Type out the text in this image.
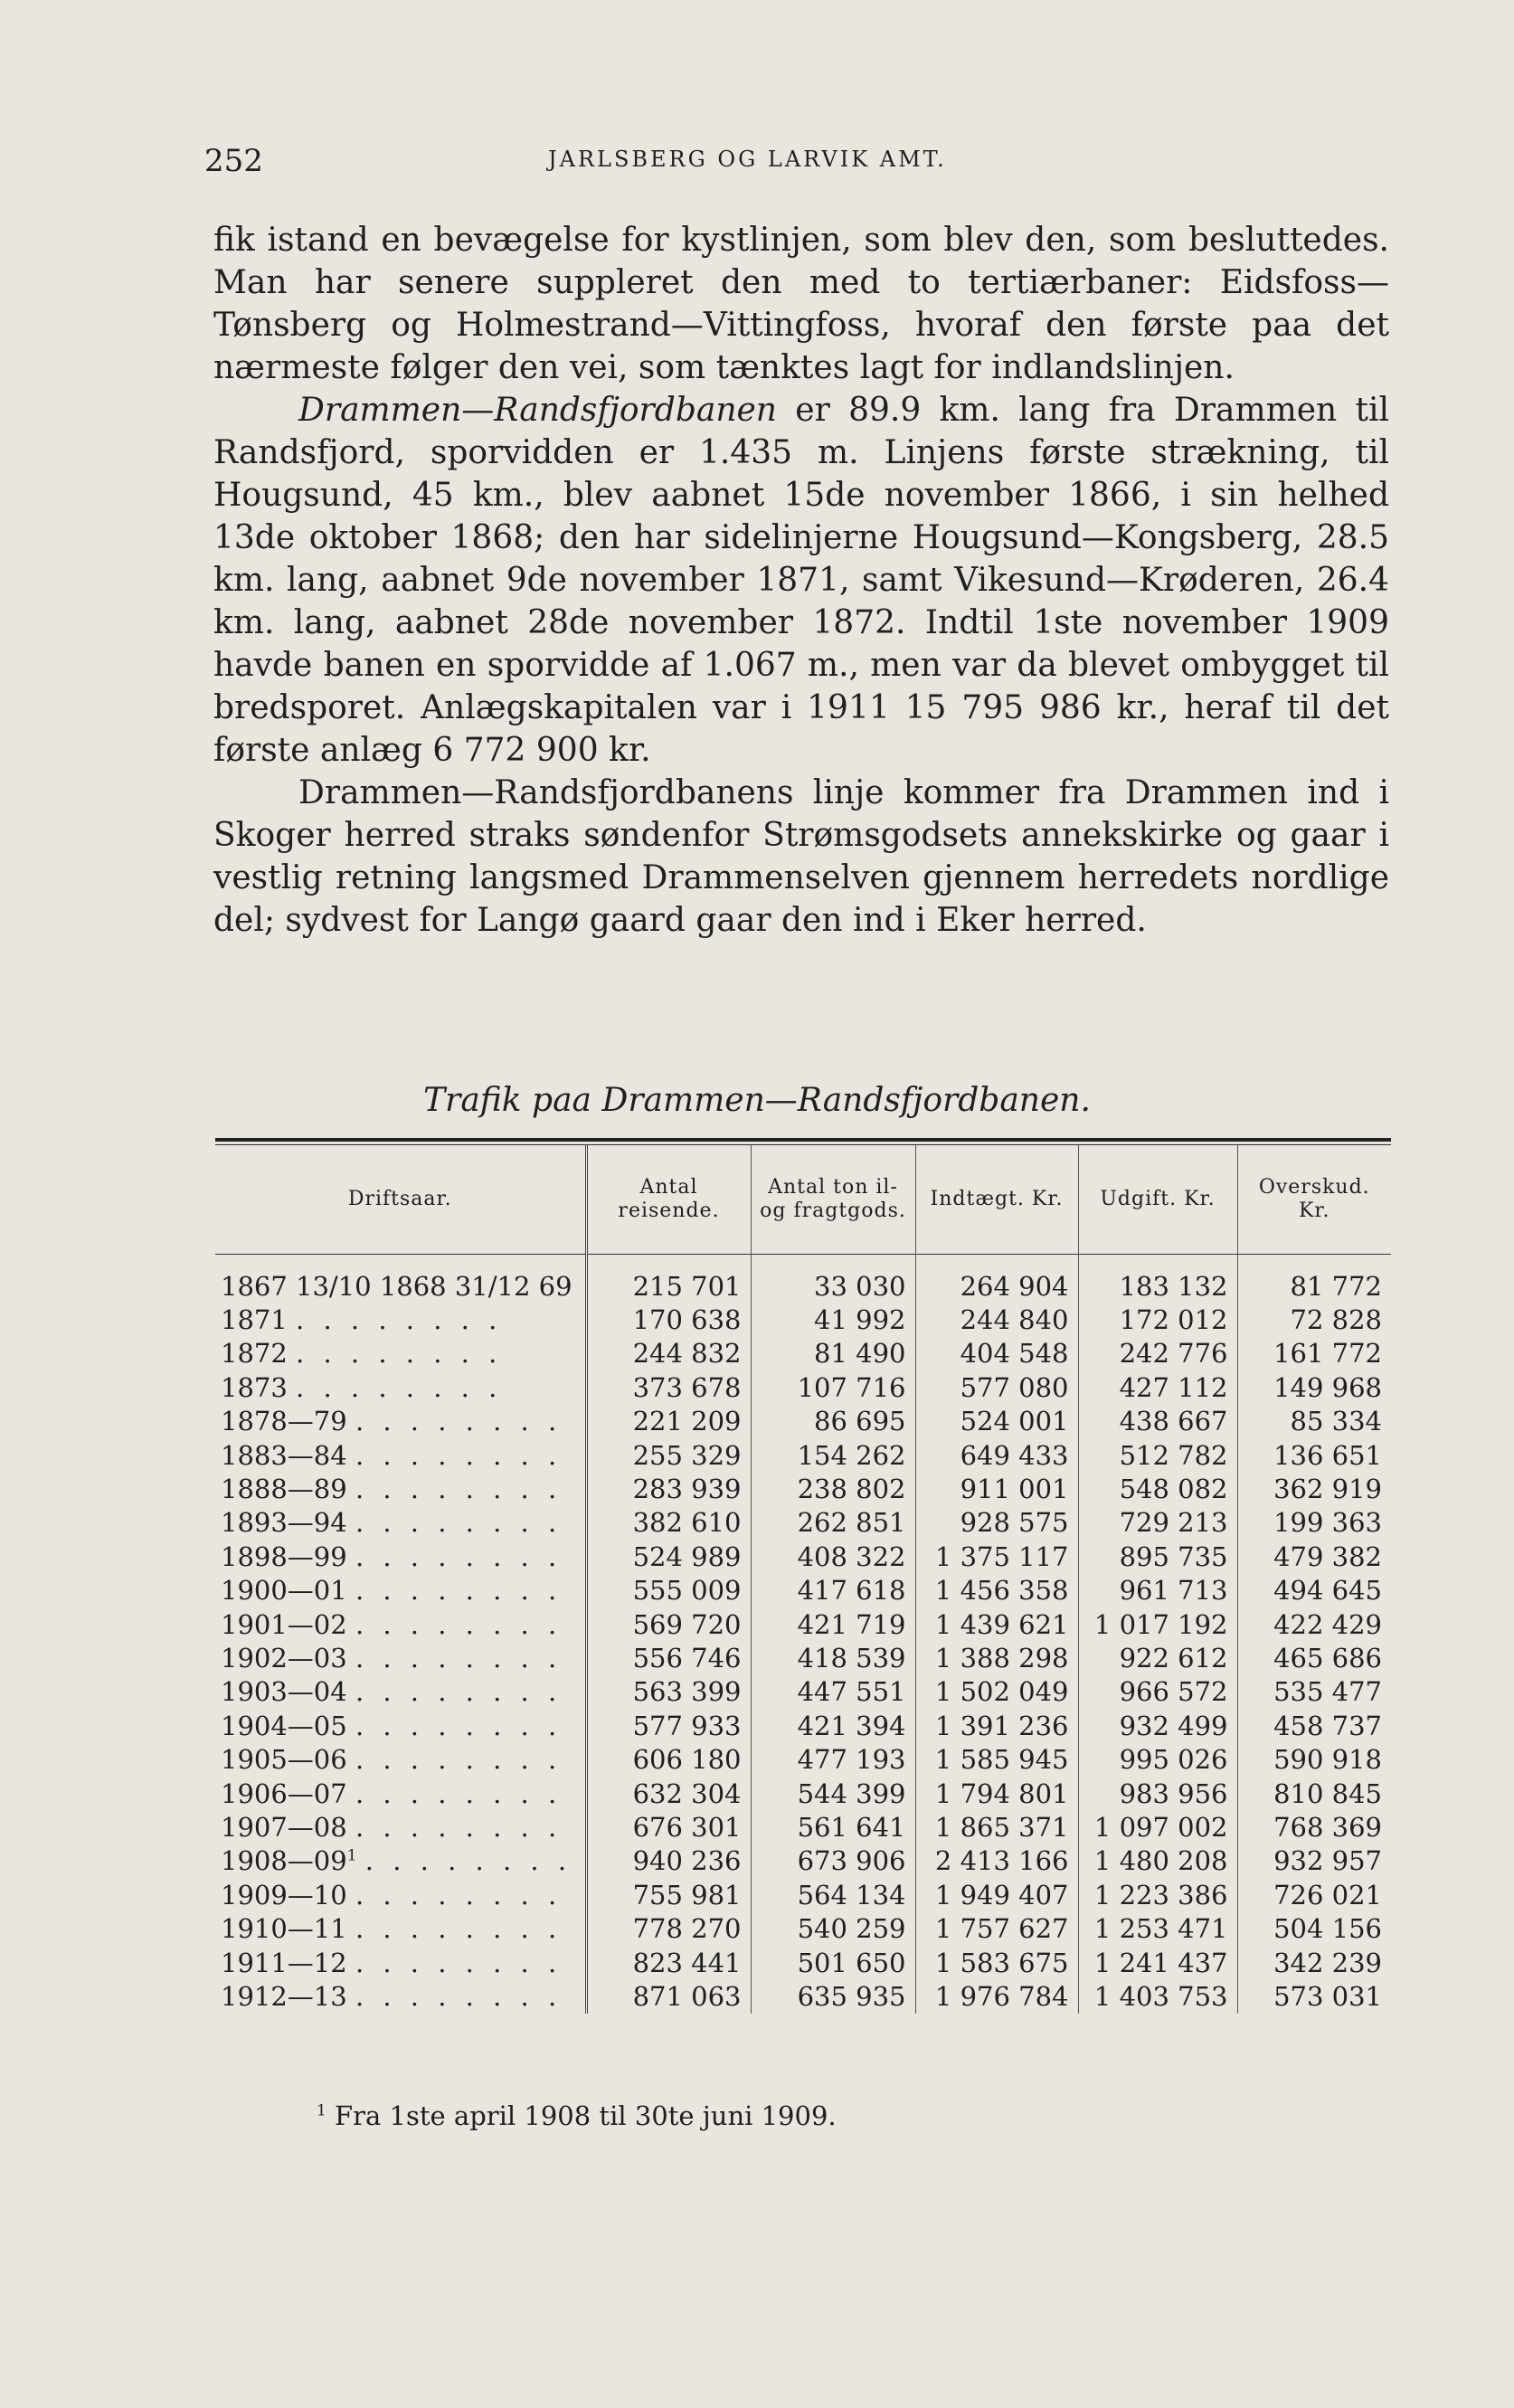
252	JARLSBERG OG LARVIK AMT.

fik istand en bevægelse for kystlinjen, som blev den, som besluttedes. Man har senere suppleret den med to tertiærbaner: Eidsfoss—Tønsberg og Holmestrand—Vittingfoss, hvoraf den første paa det nærmeste følger den vei, som tænktes lagt for indlandslinjen.

Drammen—Randsfjordbanen er 89.9 km. lang fra Drammen til Randsfjord, sporvidden er 1.435 m. Linjens første strækning, til Hougsund, 45 km., blev aabnet 15de november 1866, i sin helhed 13de oktober 1868; den har sidelinjerne Hougsund—Kongsberg, 28.5 km. lang, aabnet 9de november 1871, samt Vikesund—Krøderen, 26.4 km. lang, aabnet 28de november 1872. Indtil 1ste november 1909 havde banen en sporvidde af 1.067 m., men var da blevet ombygget til bredsporet. Anlægskapitalen var i 1911 15 795 986 kr., heraf til det første anlæg 6 772 900 kr.

Drammen—Randsfjordbanens linje kommer fra Drammen ind i Skoger herred straks søndenfor Strømsgodsets annekskirke og gaar i vestlig retning langsmed Drammenselven gjennem herredets nordlige del; sydvest for Langø gaard gaar den ind i Eker herred.

Trafik paa Drammen—Randsfjordbanen.
Driftsaar.	Antal reisende.	Antal ton il- og fragtgods.	Indtægt. Kr.	Udgift. Kr.	Overskud. Kr.

1867 13/10 1868 31/12 69	215 701	33 030	264 904	183 132	81 772
1871 . . . . . . . .	170 638	41 992	244 840	172 012	72 828
1872 . . . . . . . .	244 832	81 490	404 548	242 776	161 772
1873 . . . . . . . .	373 678	107 716	577 080	427 112	149 968
1878—79 . . . . . . . .	221 209	86 695	524 001	438 667	85 334
1883—84 . . . . . . . .	255 329	154 262	649 433	512 782	136 651
1888—89 . . . . . . . .	283 939	238 802	911 001	548 082	362 919
1893—94 . . . . . . . .	382 610	262 851	928 575	729 213	199 363
1898—99 . . . . . . . .	524 989	408 322	1 375 117	895 735	479 382
1900—01 . . . . . . . .	555 009	417 618	1 456 358	961 713	494 645
1901—02 . . . . . . . .	569 720	421 719	1 439 621	1 017 192	422 429
1902—03 . . . . . . . .	556 746	418 539	1 388 298	922 612	465 686
1903—04 . . . . . . . .	563 399	447 551	1 502 049	966 572	535 477
1904—05 . . . . . . . .	577 933	421 394	1 391 236	932 499	458 737
1905—06 . . . . . . . .	606 180	477 193	1 585 945	995 026	590 918
1906—07 . . . . . . . .	632 304	544 399	1 794 801	983 956	810 845
1907—08 . . . . . . . .	676 301	561 641	1 865 371	1 097 002	768 369
$1908—09^1$ . . . . . . . .	940 236	673 906	2 413 166	1 480 208	932 957
1909—10 . . . . . . . .	755 981	564 134	1 949 407	1 223 386	726 021
1910—11 . . . . . . . .	778 270	540 259	1 757 627	1 253 471	504 156
1911—12 . . . . . . . .	823 441	501 650	1 583 675	1 241 437	342 239
1912—13 . . . . . . . .	871 063	635 935	1 976 784	1 403 753	573 031
$^1$ Fra 1ste april 1908 til 30te juni 1909.
